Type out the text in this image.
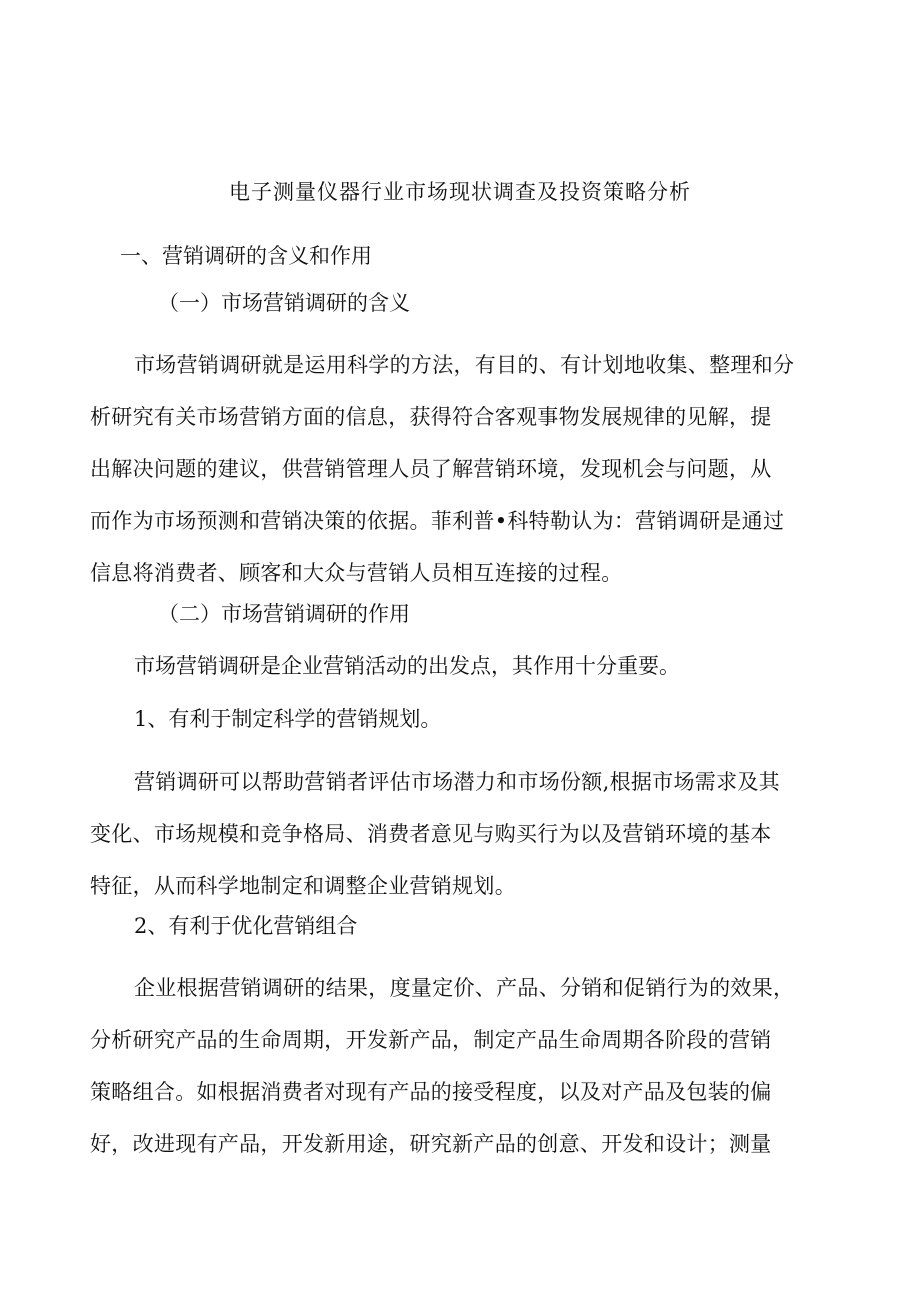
电子测量仪器行业市场现状调查及投资策略分析
一、营销调研的含义和作用
（一）市场营销调研的含义
市场营销调研就是运用科学的方法，有目的、有计划地收集、整理和分
析研究有关市场营销方面的信息，获得符合客观事物发展规律的见解，提
出解决问题的建议，供营销管理人员了解营销环境，发现机会与问题，从
而作为市场预测和营销决策的依据。菲利普•科特勒认为：营销调研是通过
信息将消费者、顾客和大众与营销人员相互连接的过程。
（二）市场营销调研的作用
市场营销调研是企业营销活动的出发点，其作用十分重要。
1、有利于制定科学的营销规划。
营销调研可以帮助营销者评估市场潜力和市场份额,根据市场需求及其
变化、市场规模和竞争格局、消费者意见与购买行为以及营销环境的基本
特征，从而科学地制定和调整企业营销规划。
2、有利于优化营销组合
企业根据营销调研的结果，度量定价、产品、分销和促销行为的效果，
分析研究产品的生命周期，开发新产品，制定产品生命周期各阶段的营销
策略组合。如根据消费者对现有产品的接受程度，以及对产品及包装的偏
好，改进现有产品，开发新用途，研究新产品的创意、开发和设计；测量
